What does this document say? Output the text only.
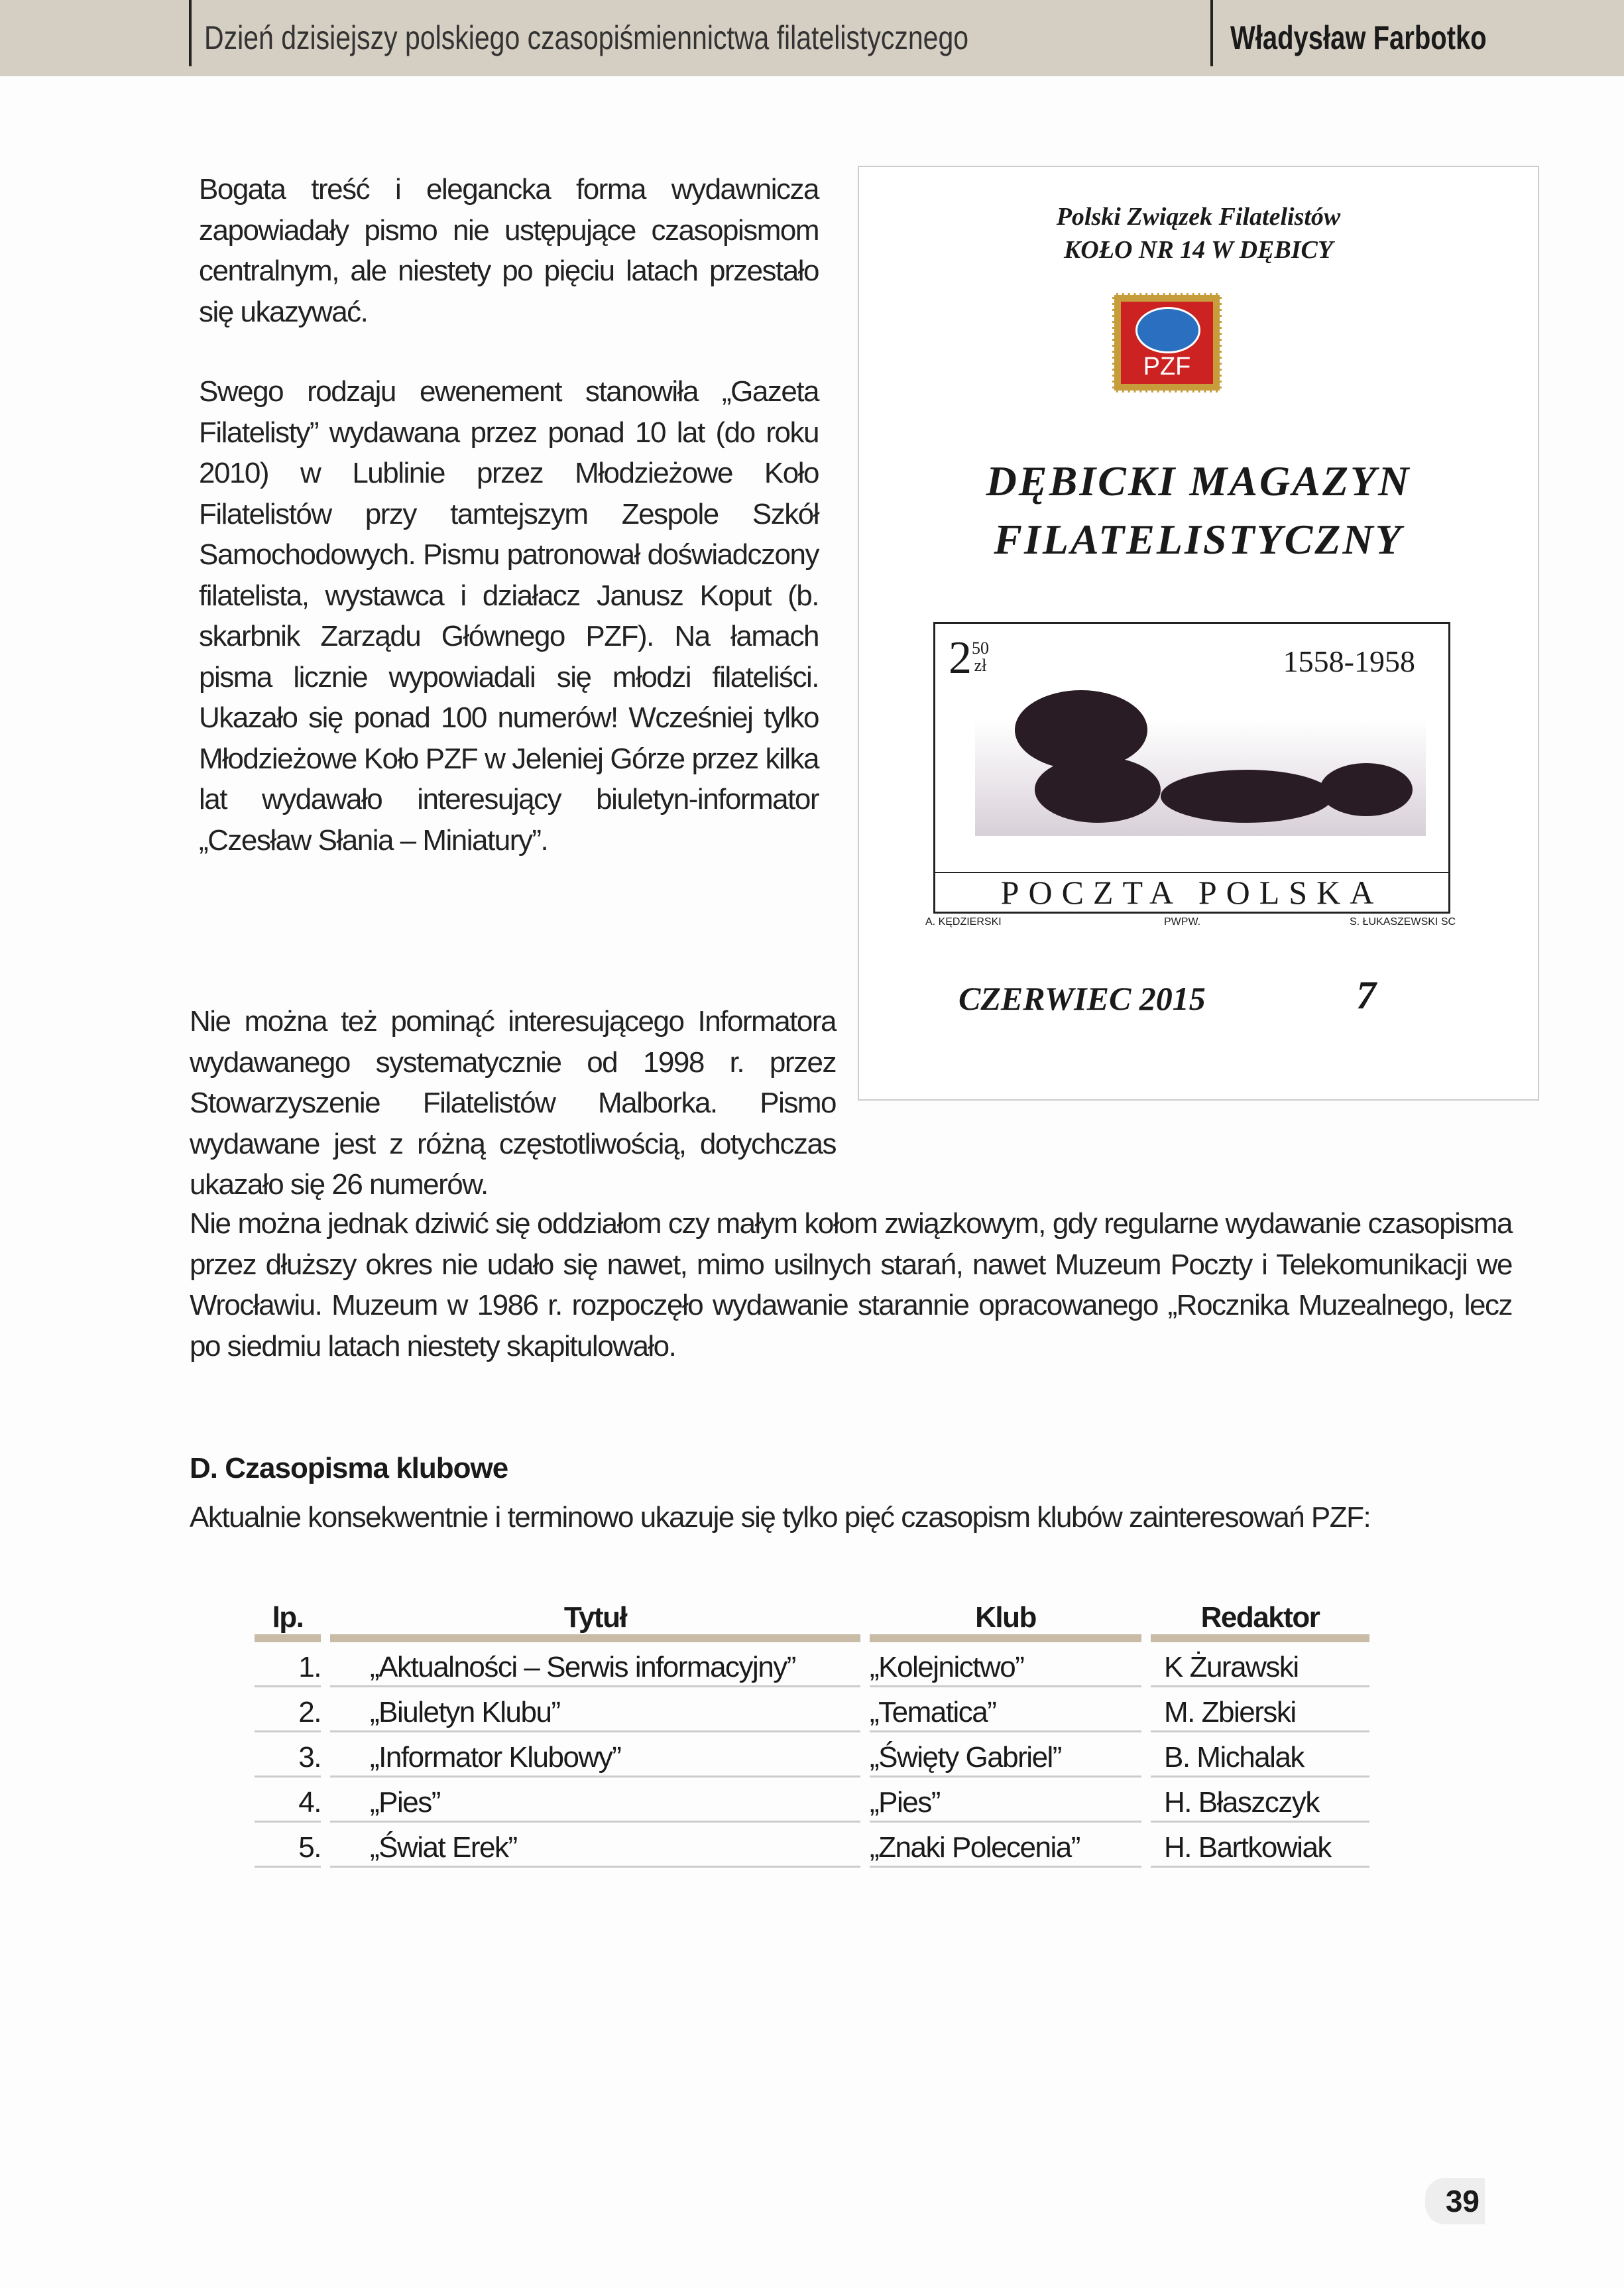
Dzień dzisiejszy polskiego czasopiśmiennictwa filatelistycznego	Władysław Farbotko

Bogata treść i elegancka forma wydawnicza zapowiadały pismo nie ustępujące czasopismom centralnym, ale niestety po pięciu latach przestało się ukazywać.

Swego rodzaju ewenement stanowiła „Gazeta Filatelisty” wydawana przez ponad 10 lat (do roku 2010) w Lublinie przez Młodzieżowe Koło Filatelistów przy tamtejszym Zespole Szkół Samochodowych. Pismu patronował doświadczony filatelista, wystawca i działacz Janusz Koput (b. skarbnik Zarządu Głównego PZF). Na łamach pisma licznie wypowiadali się młodzi filateliści. Ukazało się ponad 100 numerów! Wcześniej tylko Młodzieżowe Koło PZF w Jeleniej Górze przez kilka lat wydawało interesujący biuletyn-informator „Czesław Słania – Miniatury”.

Nie można też pominąć interesującego Informatora wydawanego systematycznie od 1998 r. przez Stowarzyszenie Filatelistów Malborka. Pismo wydawane jest z różną częstotliwością, dotychczas ukazało się 26 numerów.

Nie można jednak dziwić się oddziałom czy małym kołom związkowym, gdy regularne wydawanie czasopisma przez dłuższy okres nie udało się nawet, mimo usilnych starań, nawet Muzeum Poczty i Telekomunikacji we Wrocławiu. Muzeum w 1986 r. rozpoczęło wydawanie starannie opracowanego „Rocznika Muzealnego, lecz po siedmiu latach niestety skapitulowało.

Polski Związek Filatelistów
KOŁO NR 14 W DĘBICY
PZF
DĘBICKI MAGAZYN
FILATELISTYCZNY
250
zł	1558-1958
POCZTA POLSKA
A. KĘDZIERSKI	PWPW.	S. ŁUKASZEWSKI SC
CZERWIEC 2015	7
D. Czasopisma klubowe

Aktualnie konsekwentnie i terminowo ukazuje się tylko pięć czasopism klubów zainteresowań PZF:

lp.	Tytuł	Klub	Redaktor
1.	„Aktualności – Serwis informacyjny”	„Kolejnictwo”	K Żurawski
2.	„Biuletyn Klubu”	„Tematica”	M. Zbierski
3.	„Informator Klubowy”	„Święty Gabriel”	B. Michalak
4.	„Pies”	„Pies”	H. Błaszczyk
5.	„Świat Erek”	„Znaki Polecenia”	H. Bartkowiak
39
